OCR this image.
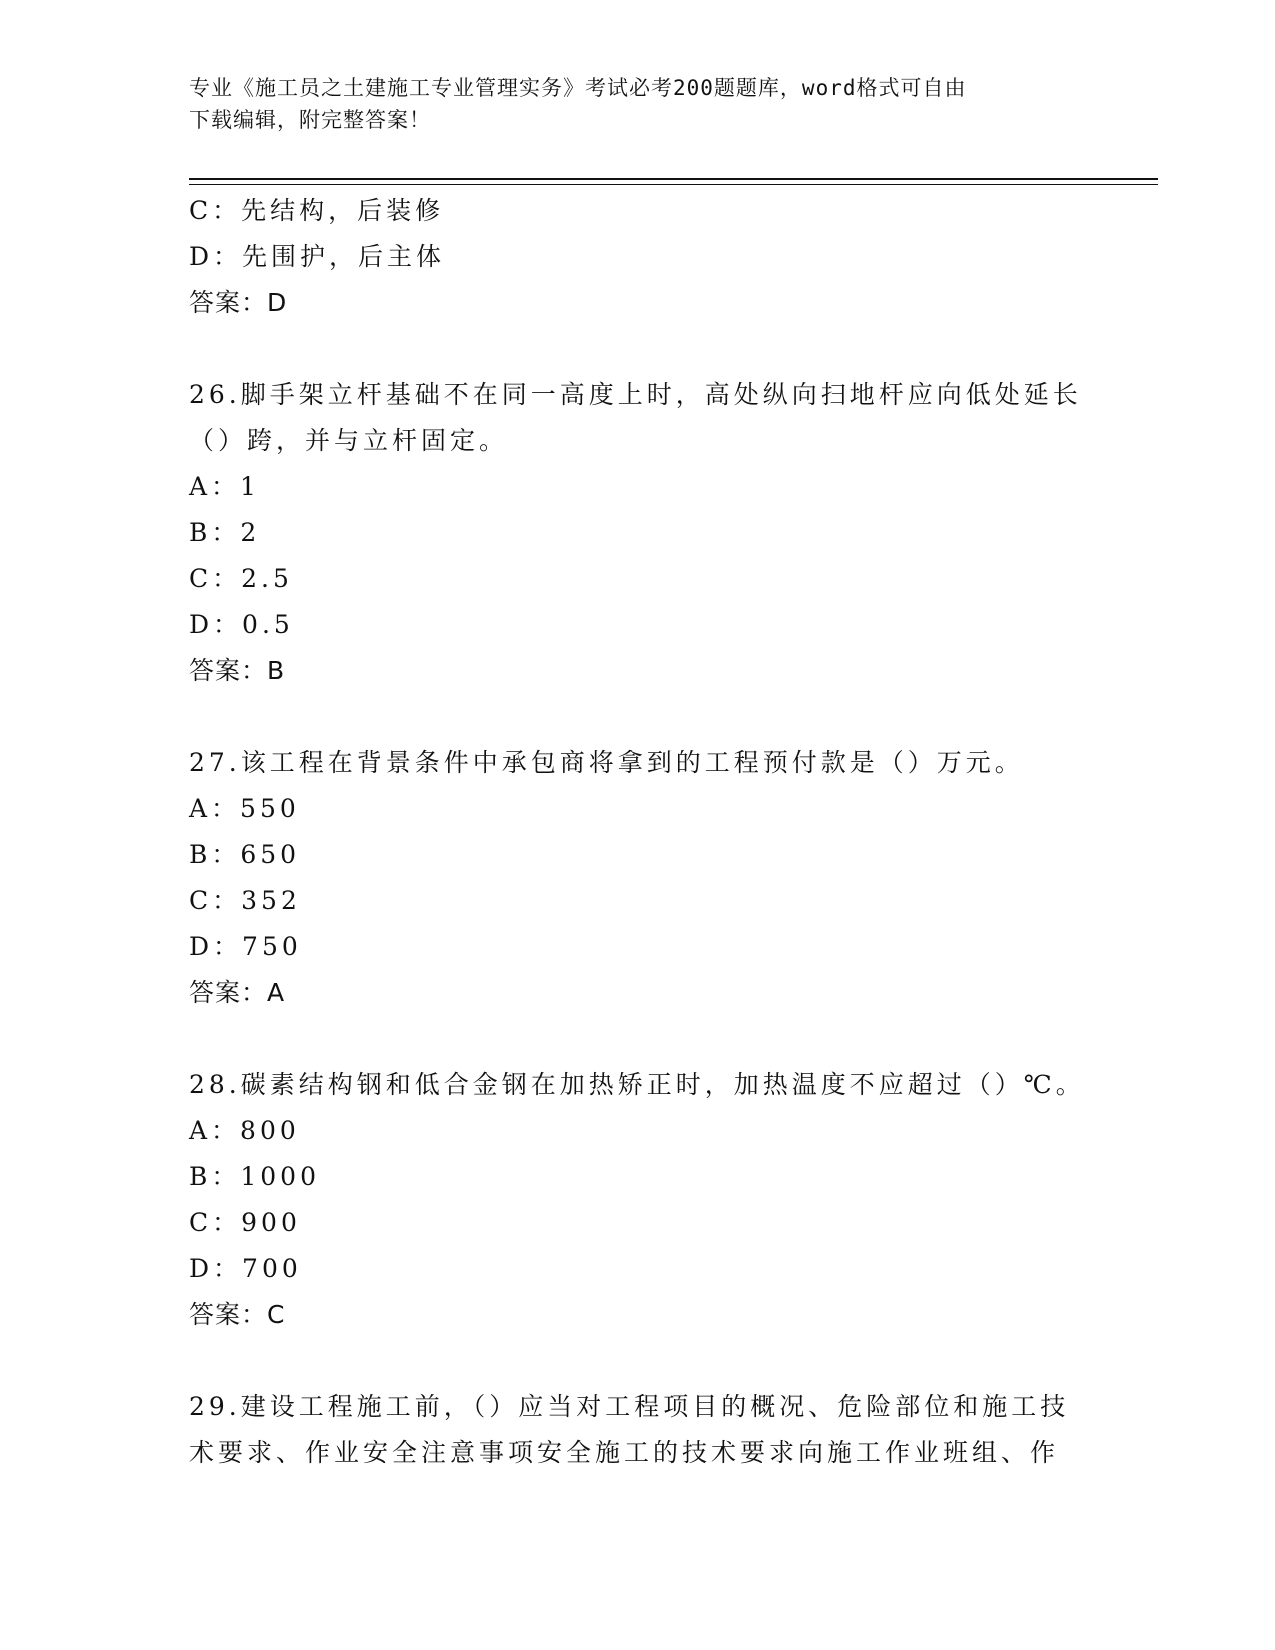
专业《施工员之土建施工专业管理实务》考试必考200题题库，word格式可自由
下载编辑，附完整答案！
C：先结构，后装修
D：先围护，后主体
答案：D
26.脚手架立杆基础不在同一高度上时，高处纵向扫地杆应向低处延长
（）跨，并与立杆固定。
A：1
B：2
C：2.5
D：0.5
答案：B
27.该工程在背景条件中承包商将拿到的工程预付款是（）万元。
A：550
B：650
C：352
D：750
答案：A
28.碳素结构钢和低合金钢在加热矫正时，加热温度不应超过（）℃。
A：800
B：1000
C：900
D：700
答案：C
29.建设工程施工前，（）应当对工程项目的概况、危险部位和施工技
术要求、作业安全注意事项安全施工的技术要求向施工作业班组、作
